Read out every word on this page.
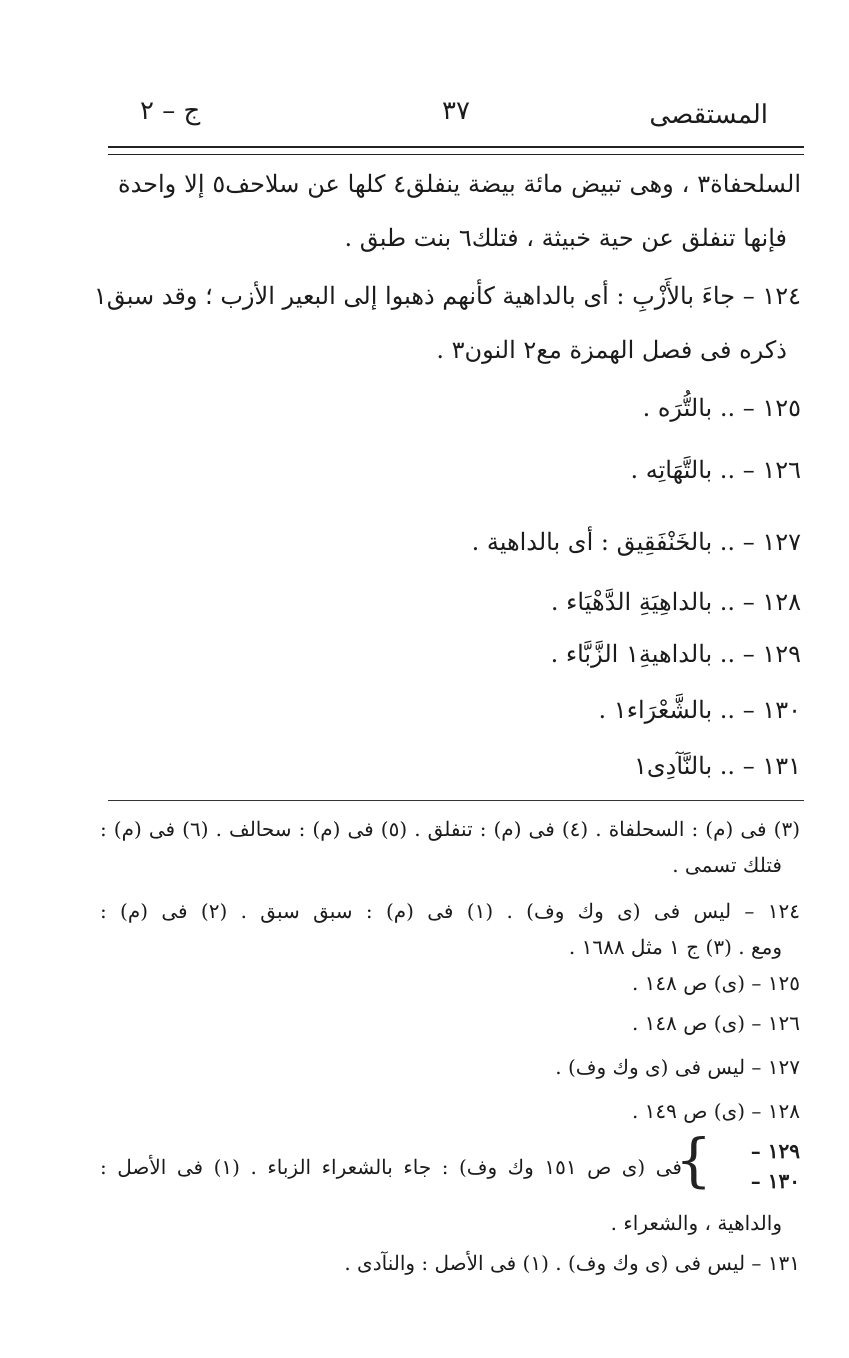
المستقصى
٣٧
ج – ٢
السلحفاة٣ ، وهى تبيض مائة بيضة ينفلق٤ كلها عن سلاحف٥ إلا واحدة
فإنها تنفلق عن حية خبيثة ، فتلك٦ بنت طبق .
١٢٤ – جاءَ بالأَزْبِ : أى بالداهية كأنهم ذهبوا إلى البعير الأزب ؛ وقد سبق١
ذكره فى فصل الهمزة مع٢ النون٣ .
١٢٥ – .. بالتُّرَه .
١٢٦ – .. بالتَّهَاتِه .
١٢٧ – .. بالخَنْفَقِيق : أى بالداهية .
١٢٨ – .. بالداهِيَةِ الدَّهْيَاء .
١٢٩ – .. بالداهيةِ١ الزَّبَّاء .
١٣٠ – .. بالشَّعْرَاء١ .
١٣١ – .. بالنَّآدِى١
(٣) فى (م) : السحلفاة . (٤) فى (م) : تنفلق . (٥) فى (م) : سحالف . (٦) فى (م) :
فتلك تسمى .
١٢٤ – ليس فى (ى وك وف) . (١) فى (م) : سبق سبق . (٢) فى (م) :
ومع . (٣) ج ١ مثل ١٦٨٨ .
١٢٥ – (ى) ص ١٤٨ .
١٢٦ – (ى) ص ١٤٨ .
١٢٧ – ليس فى (ى وك وف) .
١٢٨ – (ى) ص ١٤٩ .
١٢٩ –
١٣٠ –
}
فى (ى ص ١٥١ وك وف) : جاء بالشعراء الزباء . (١) فى الأصل :
والداهية ، والشعراء .
١٣١ – ليس فى (ى وك وف) . (١) فى الأصل : والنآدى .
